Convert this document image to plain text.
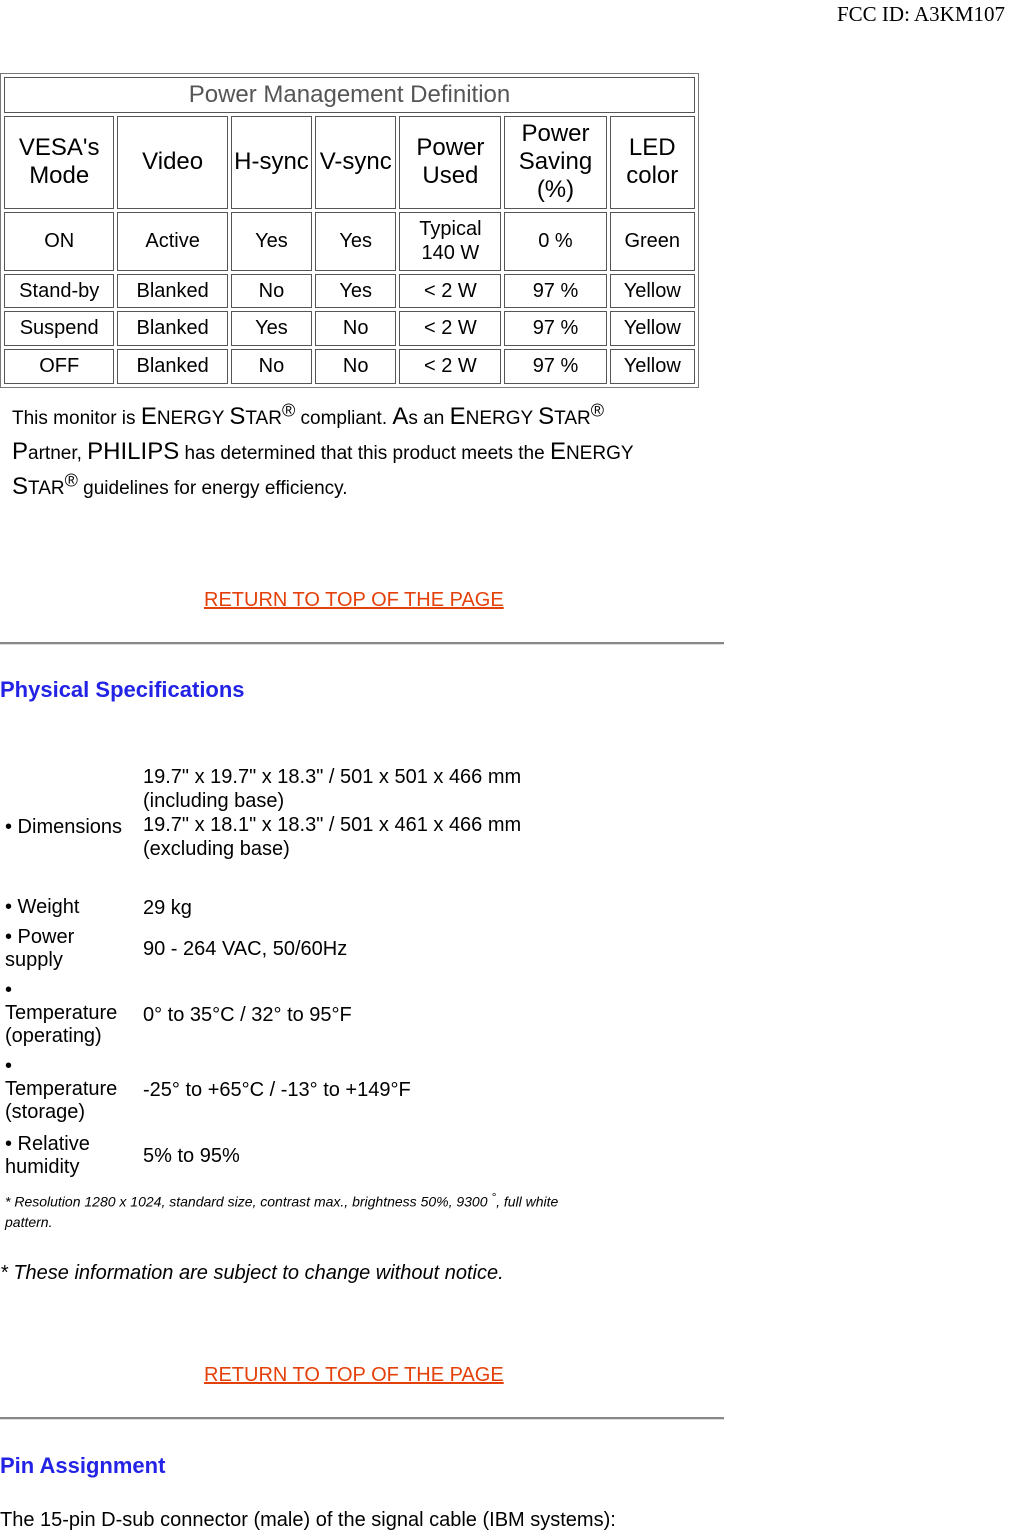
FCC ID: A3KM107
Power Management Definition						
VESA's Mode	Video	H-sync	V-sync	Power Used	Power Saving (%)	LED color
ON	Active	Yes	Yes	Typical 140 W	0 %	Green
Stand-by	Blanked	No	Yes	< 2 W	97 %	Yellow
Suspend	Blanked	Yes	No	< 2 W	97 %	Yellow
OFF	Blanked	No	No	< 2 W	97 %	Yellow
This monitor is ENERGY STAR® compliant. As an ENERGY STAR®
Partner, PHILIPS has determined that this product meets the ENERGY
STAR® guidelines for energy efficiency.
RETURN TO TOP OF THE PAGE
Physical Specifications
• Dimensions
19.7" x 19.7" x 18.3" / 501 x 501 x 466 mm
(including base)
19.7" x 18.1" x 18.3" / 501 x 461 x 466 mm
(excluding base)
• Weight	29 kg
• Power
supply	90 - 264 VAC, 50/60Hz
•
Temperature
(operating)
0° to 35°C / 32° to 95°F
•
Temperature
(storage)
-25° to +65°C / -13° to +149°F
• Relative
humidity	5% to 95%
* Resolution 1280 x 1024, standard size, contrast max., brightness 50%, 9300 °, full white pattern.
* These information are subject to change without notice.
RETURN TO TOP OF THE PAGE
Pin Assignment
The 15-pin D-sub connector (male) of the signal cable (IBM systems):
